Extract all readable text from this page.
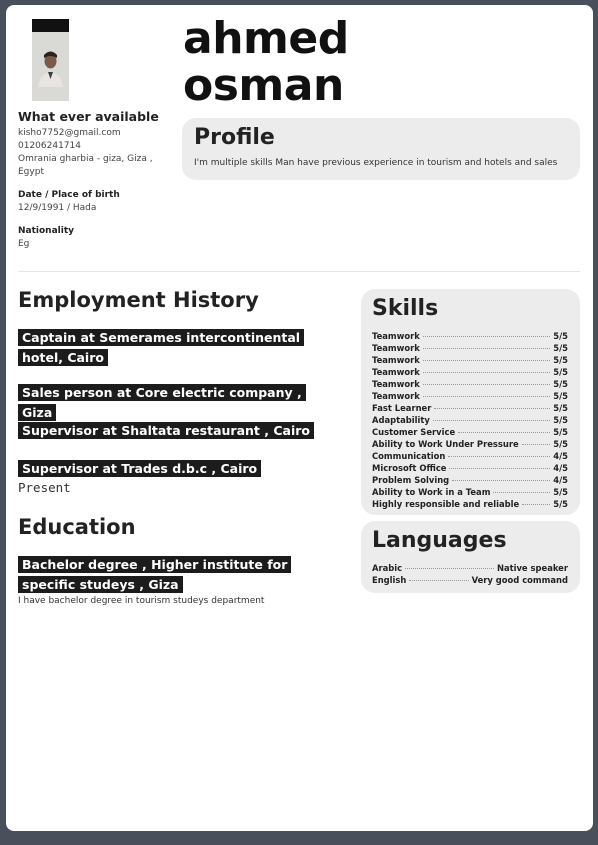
ahmed
osman
What ever available
kisho7752@gmail.com
01206241714
Omrania gharbia - giza, Giza ,
Egypt
Date / Place of birth
12/9/1991 / Hada
Nationality
Eg
Profile

I'm multiple skills Man have previous experience in tourism and hotels and sales

Employment History
Captain at Semerames intercontinental hotel, Cairo
Sales person at Core electric company , Giza
Supervisor at Shaltata restaurant , Cairo
Supervisor at Trades d.b.c , Cairo
Present
Education
Bachelor degree , Higher institute for specific studeys , Giza
I have bachelor degree in tourism studeys department
Skills
Teamwork	5/5
Teamwork	5/5
Teamwork	5/5
Teamwork	5/5
Teamwork	5/5
Teamwork	5/5
Fast Learner	5/5
Adaptability	5/5
Customer Service	5/5
Ability to Work Under Pressure	5/5
Communication	4/5
Microsoft Office	4/5
Problem Solving	4/5
Ability to Work in a Team	5/5
Highly responsible and reliable	5/5
Languages
Arabic	Native speaker
English	Very good command
